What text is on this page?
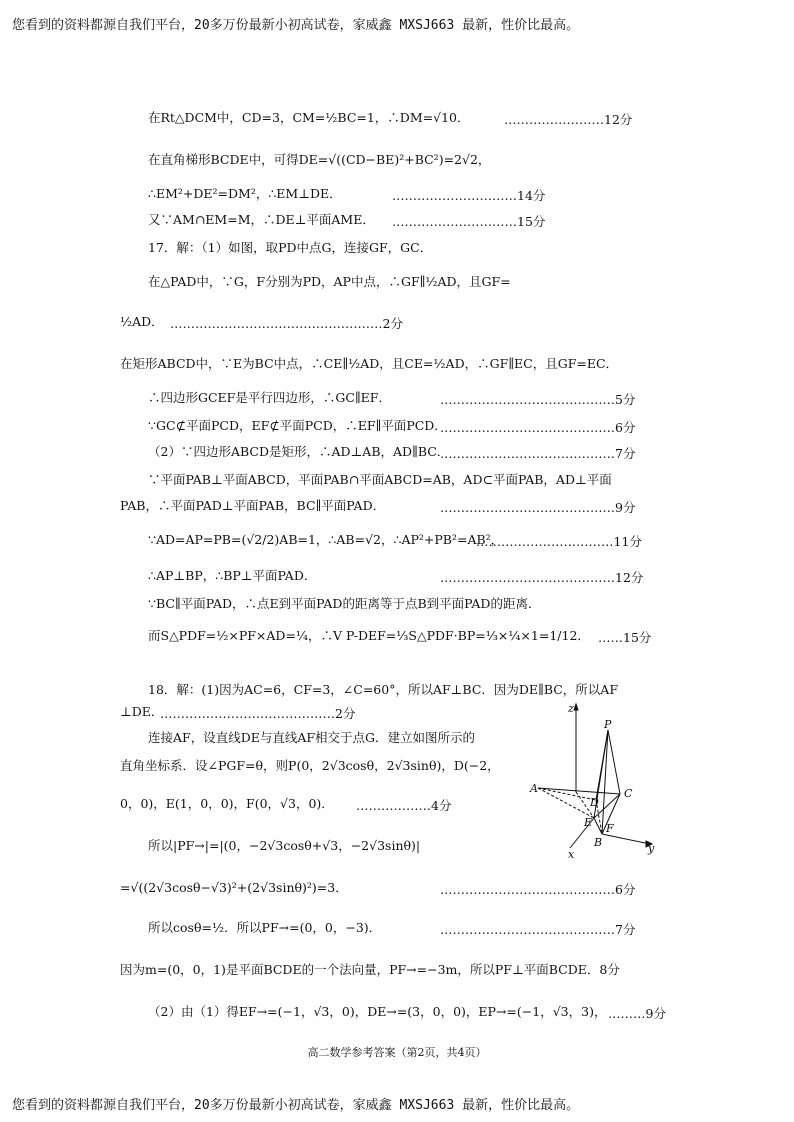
您看到的资料都源自我们平台，20多万份最新小初高试卷，家威鑫 MXSJ663 最新，性价比最高。
在Rt△DCM中，CD=3，CM=½BC=1，∴DM=√10．	……………………12分
在直角梯形BCDE中，可得DE=√((CD−BE)²+BC²)=2√2，
∴EM²+DE²=DM²，∴EM⊥DE．	…………………………14分
又∵AM∩EM=M，∴DE⊥平面AME． …………………………15分
17．解：（1）如图，取PD中点G，连接GF，GC．
在△PAD中，∵G，F分别为PD，AP中点，∴GF∥½AD，且GF=
½AD． ……………………………………………2分
在矩形ABCD中，∵E为BC中点，∴CE∥½AD，且CE=½AD，∴GF∥EC，且GF=EC．
∴四边形GCEF是平行四边形，∴GC∥EF．	……………………………………5分
∵GC⊄平面PCD，EF⊄平面PCD，∴EF∥平面PCD．
……………………………………6分
（2）∵四边形ABCD是矩形，∴AD⊥AB，AD∥BC．
……………………………………7分
∵平面PAB⊥平面ABCD，平面PAB∩平面ABCD=AB，AD⊂平面PAB，AD⊥平面
PAB，∴平面PAD⊥平面PAB，BC∥平面PAD．	……………………………………9分
∵AD=AP=PB=(√2/2)AB=1，∴AB=√2，∴AP²+PB²=AB²，
……………………………11分
∴AP⊥BP，∴BP⊥平面PAD．	……………………………………12分
∵BC∥平面PAD，∴点E到平面PAD的距离等于点B到平面PAD的距离．
而S△PDF=½×PF×AD=¼，∴V P-DEF=⅓S△PDF·BP=⅓×¼×1=1/12． ……15分
18．解：(1)因为AC=6，CF=3，∠C=60°，所以AF⊥BC．因为DE∥BC，所以AF
⊥DE．
……………………………………2分
连接AF，设直线DE与直线AF相交于点G．建立如图所示的
直角坐标系．设∠PGF=θ，则P(0，2√3cosθ，2√3sinθ)，D(−2，
0，0)，E(1，0，0)，F(0，√3，0)． ………………4分
所以|PF→|=|(0，−2√3cosθ+√3，−2√3sinθ)|
=√((2√3cosθ−√3)²+(2√3sinθ)²)=3．	……………………………………6分
所以cosθ=½．所以PF→=(0，0，−3)．	……………………………………7分
因为m=(0，0，1)是平面BCDE的一个法向量，PF→=−3m，所以PF⊥平面BCDE．8分
（2）由（1）得EF→=(−1，√3，0)，DE→=(3，0，0)，EP→=(−1，√3，3)， ………9分
z
P
A
D
C
E F
B
x	y
高二数学参考答案（第2页，共4页）
您看到的资料都源自我们平台，20多万份最新小初高试卷，家威鑫 MXSJ663 最新，性价比最高。
